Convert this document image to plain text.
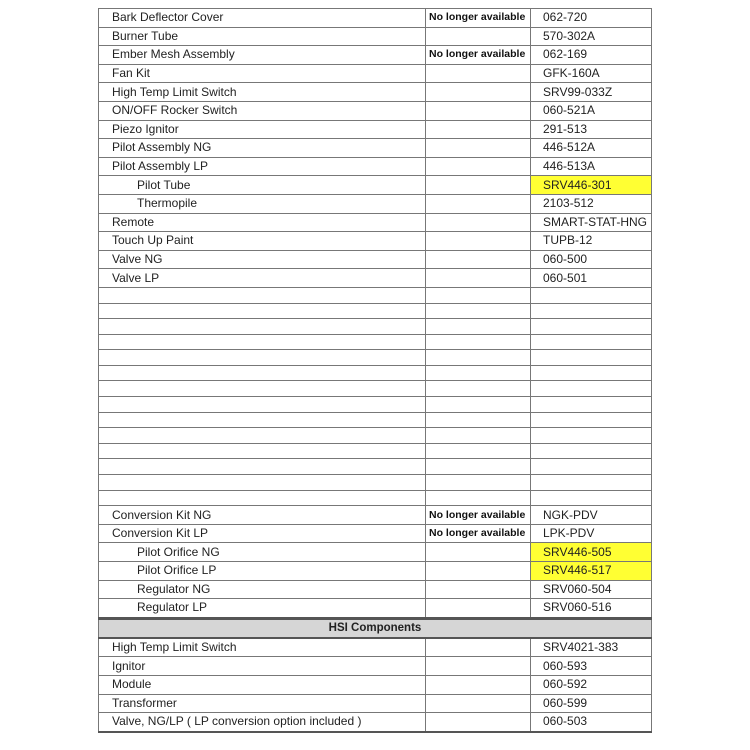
Bark Deflector Cover	No longer available	062-720
Burner Tube		570-302A
Ember Mesh Assembly	No longer available	062-169
Fan Kit		GFK-160A
High Temp Limit Switch		SRV99-033Z
ON/OFF Rocker Switch		060-521A
Piezo Ignitor		291-513
Pilot Assembly NG		446-512A
Pilot Assembly LP		446-513A
Pilot Tube		SRV446-301
Thermopile		2103-512
Remote		SMART-STAT-HNG
Touch Up Paint		TUPB-12
Valve NG		060-500
Valve LP		060-501

Conversion Kit NG	No longer available	NGK-PDV
Conversion Kit LP	No longer available	LPK-PDV
Pilot Orifice NG		SRV446-505
Pilot Orifice LP		SRV446-517
Regulator NG		SRV060-504
Regulator LP		SRV060-516
HSI Components		
High Temp Limit Switch		SRV4021-383
Ignitor		060-593
Module		060-592
Transformer		060-599
Valve, NG/LP ( LP conversion option included )		060-503
